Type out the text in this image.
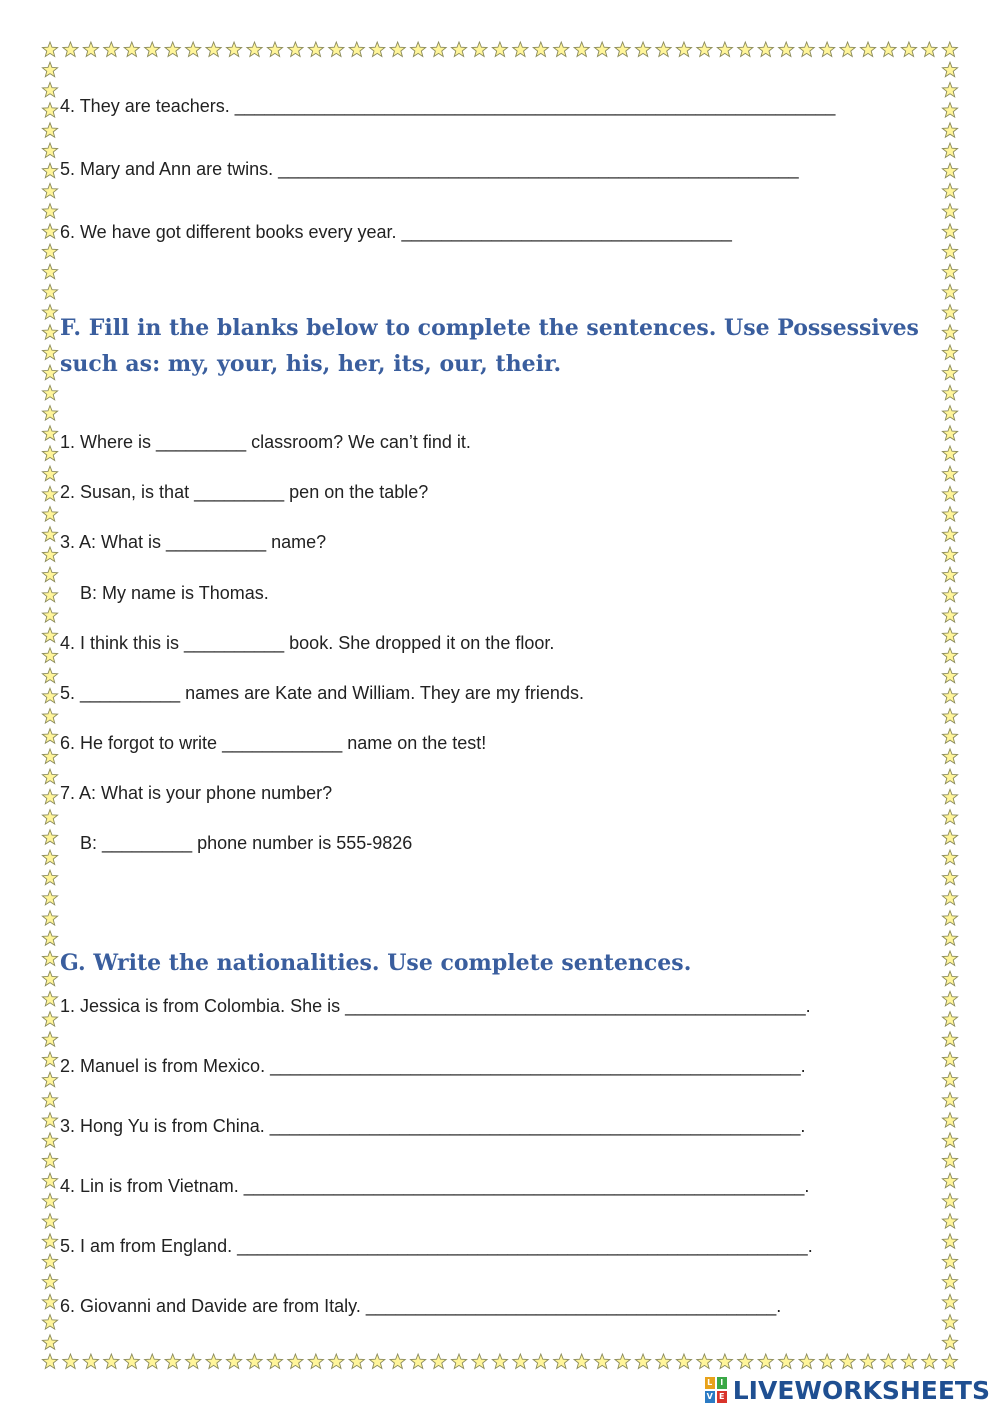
4. They are teachers. ____________________________________________________________
5. Mary and Ann are twins. ____________________________________________________
6. We have got different books every year. _________________________________
F. Fill in the blanks below to complete the sentences. Use Possessives
such as: my, your, his, her, its, our, their.
1. Where is _________ classroom? We can’t find it.
2. Susan, is that _________ pen on the table?
3. A: What is __________ name?
B: My name is Thomas.
4. I think this is __________ book. She dropped it on the floor.
5. __________ names are Kate and William. They are my friends.
6. He forgot to write ____________ name on the test!
7. A: What is your phone number?
B: _________ phone number is 555-9826
G. Write the nationalities. Use complete sentences.
1. Jessica is from Colombia. She is ______________________________________________.
2. Manuel is from Mexico. _____________________________________________________.
3. Hong Yu is from China. _____________________________________________________.
4. Lin is from Vietnam. ________________________________________________________.
5. I am from England. _________________________________________________________.
6. Giovanni and Davide are from Italy. _________________________________________.
L I
V E LIVEWORKSHEETS
